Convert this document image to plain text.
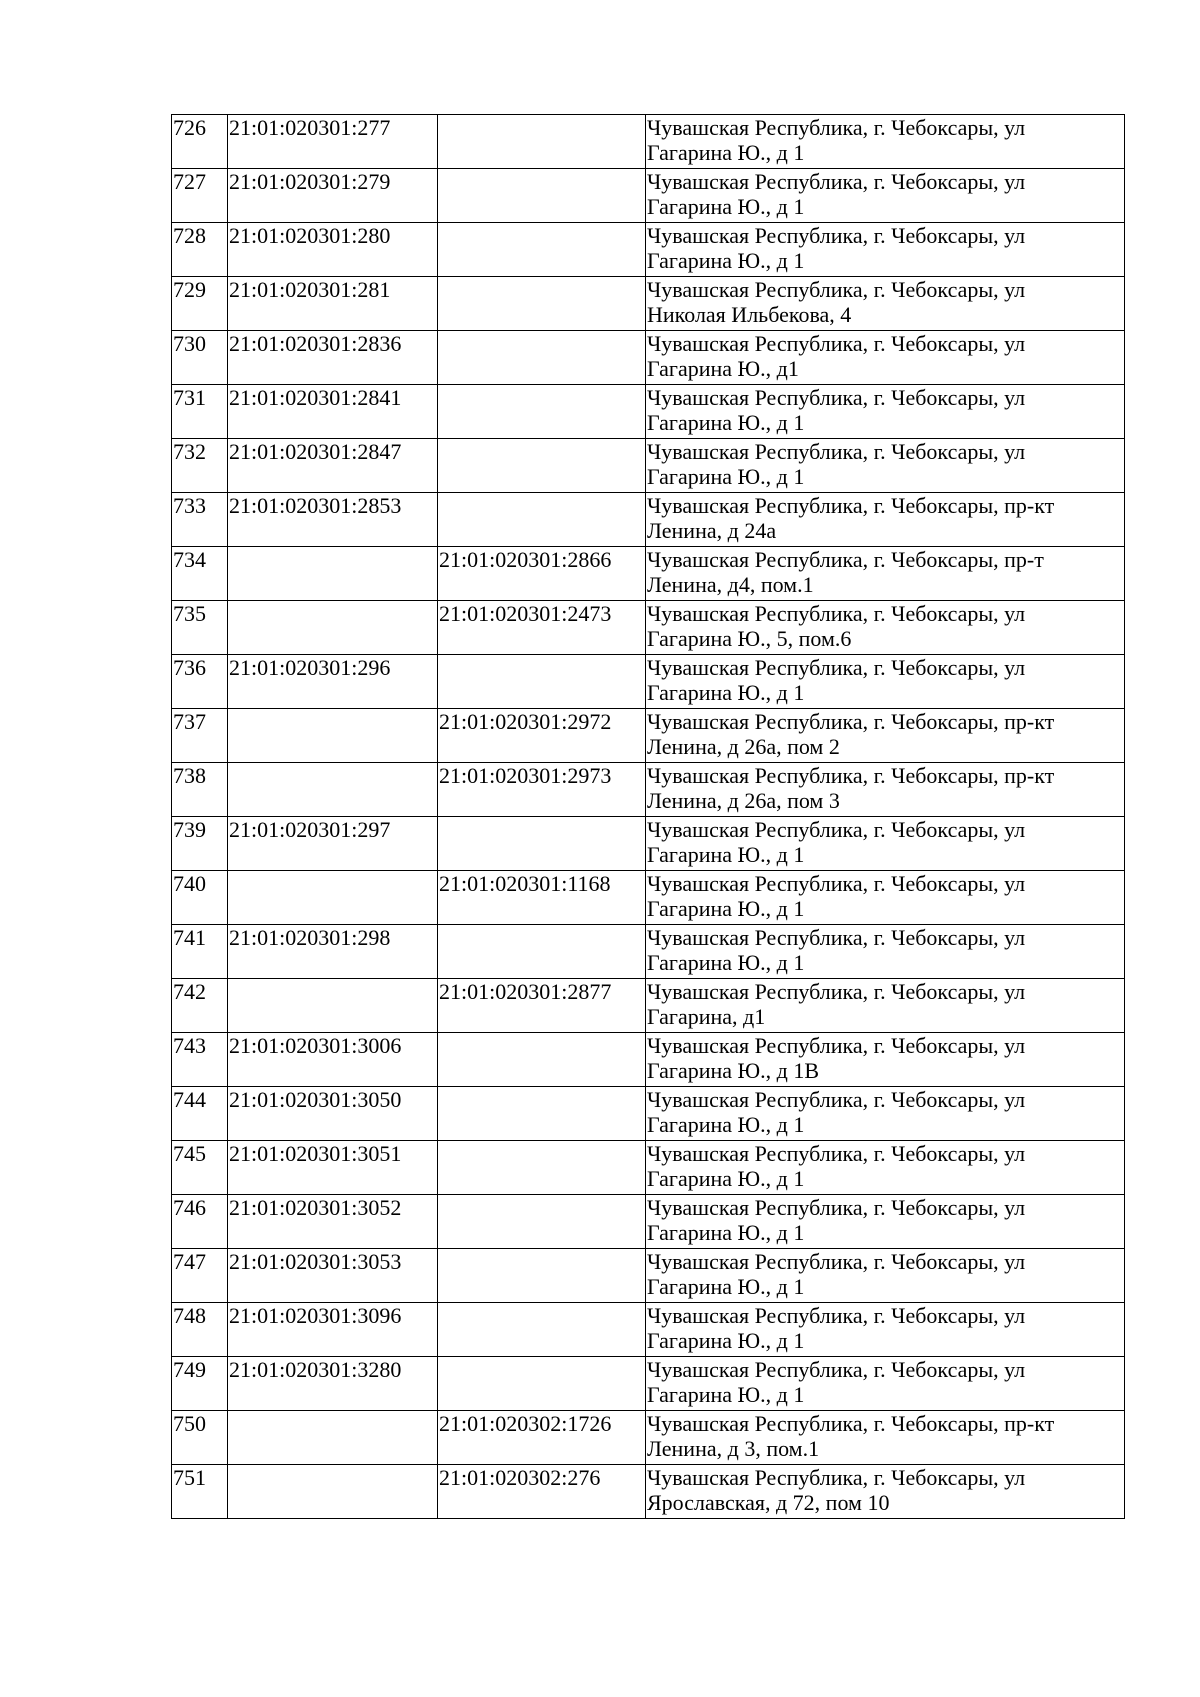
726	21:01:020301:277		Чувашская Республика, г. Чебоксары, ул
Гагарина Ю., д 1

727	21:01:020301:279		Чувашская Республика, г. Чебоксары, ул
Гагарина Ю., д 1

728	21:01:020301:280		Чувашская Республика, г. Чебоксары, ул
Гагарина Ю., д 1

729	21:01:020301:281		Чувашская Республика, г. Чебоксары, ул
Николая Ильбекова, 4

730	21:01:020301:2836		Чувашская Республика, г. Чебоксары, ул
Гагарина Ю., д1

731	21:01:020301:2841		Чувашская Республика, г. Чебоксары, ул
Гагарина Ю., д 1

732	21:01:020301:2847		Чувашская Республика, г. Чебоксары, ул
Гагарина Ю., д 1

733	21:01:020301:2853		Чувашская Республика, г. Чебоксары, пр-кт
Ленина, д 24а

734		21:01:020301:2866	Чувашская Республика, г. Чебоксары, пр-т
Ленина, д4, пом.1

735		21:01:020301:2473	Чувашская Республика, г. Чебоксары, ул
Гагарина Ю., 5, пом.6

736	21:01:020301:296		Чувашская Республика, г. Чебоксары, ул
Гагарина Ю., д 1

737		21:01:020301:2972	Чувашская Республика, г. Чебоксары, пр-кт
Ленина, д 26а, пом 2

738		21:01:020301:2973	Чувашская Республика, г. Чебоксары, пр-кт
Ленина, д 26а, пом 3

739	21:01:020301:297		Чувашская Республика, г. Чебоксары, ул
Гагарина Ю., д 1

740		21:01:020301:1168	Чувашская Республика, г. Чебоксары, ул
Гагарина Ю., д 1

741	21:01:020301:298		Чувашская Республика, г. Чебоксары, ул
Гагарина Ю., д 1

742		21:01:020301:2877	Чувашская Республика, г. Чебоксары, ул
Гагарина, д1

743	21:01:020301:3006		Чувашская Республика, г. Чебоксары, ул
Гагарина Ю., д 1В

744	21:01:020301:3050		Чувашская Республика, г. Чебоксары, ул
Гагарина Ю., д 1

745	21:01:020301:3051		Чувашская Республика, г. Чебоксары, ул
Гагарина Ю., д 1

746	21:01:020301:3052		Чувашская Республика, г. Чебоксары, ул
Гагарина Ю., д 1

747	21:01:020301:3053		Чувашская Республика, г. Чебоксары, ул
Гагарина Ю., д 1

748	21:01:020301:3096		Чувашская Республика, г. Чебоксары, ул
Гагарина Ю., д 1

749	21:01:020301:3280		Чувашская Республика, г. Чебоксары, ул
Гагарина Ю., д 1

750		21:01:020302:1726	Чувашская Республика, г. Чебоксары, пр-кт
Ленина, д 3, пом.1

751		21:01:020302:276	Чувашская Республика, г. Чебоксары, ул
Ярославская, д 72, пом 10
